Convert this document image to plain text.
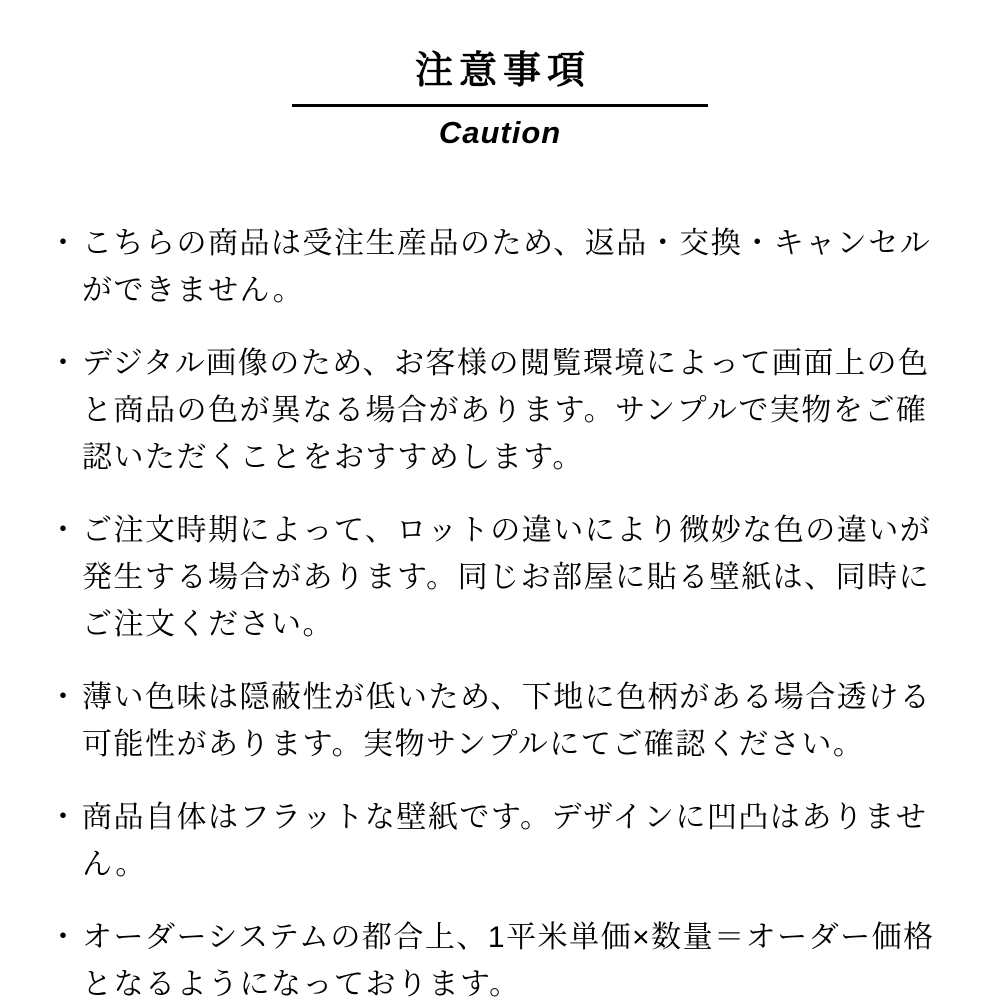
注意事項
Caution
・ こちらの商品は受注生産品のため、返品・交換・キャンセルができません。
・ デジタル画像のため、お客様の閲覧環境によって画面上の色と商品の色が異なる場合があります。サンプルで実物をご確認いただくことをおすすめします。
・ ご注文時期によって、ロットの違いにより微妙な色の違いが発生する場合があります。同じお部屋に貼る壁紙は、同時にご注文ください。
・ 薄い色味は隠蔽性が低いため、下地に色柄がある場合透ける可能性があります。実物サンプルにてご確認ください。
・ 商品自体はフラットな壁紙です。デザインに凹凸はありません。
・ オーダーシステムの都合上、1平米単価×数量＝オーダー価格となるようになっております。
